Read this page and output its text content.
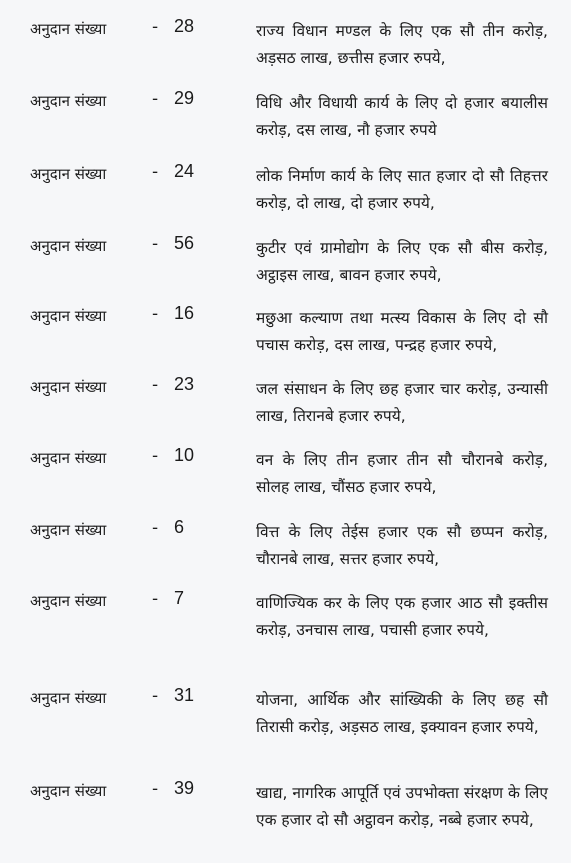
अनुदान संख्या	- 28	राज्य विधान मण्डल के लिए एक सौ तीन करोड़, अड़सठ लाख, छत्तीस हजार रुपये,
अनुदान संख्या	- 29	विधि और विधायी कार्य के लिए दो हजार बयालीस करोड़, दस लाख, नौ हजार रुपये
अनुदान संख्या	- 24	लोक निर्माण कार्य के लिए सात हजार दो सौ तिहत्तर करोड़, दो लाख, दो हजार रुपये,
अनुदान संख्या	- 56	कुटीर एवं ग्रामोद्योग के लिए एक सौ बीस करोड़, अट्ठाइस लाख, बावन हजार रुपये,
अनुदान संख्या	- 16	मछुआ कल्याण तथा मत्स्य विकास के लिए दो सौ पचास करोड़, दस लाख, पन्द्रह हजार रुपये,
अनुदान संख्या	- 23	जल संसाधन के लिए छह हजार चार करोड़, उन्यासी लाख, तिरानबे हजार रुपये,
अनुदान संख्या	- 10	वन के लिए तीन हजार तीन सौ चौरानबे करोड़, सोलह लाख, चौंसठ हजार रुपये,
अनुदान संख्या	- 6	वित्त के लिए तेईस हजार एक सौ छप्पन करोड़, चौरानबे लाख, सत्तर हजार रुपये,
अनुदान संख्या	- 7	वाणिज्यिक कर के लिए एक हजार आठ सौ इक्तीस करोड़, उनचास लाख, पचासी हजार रुपये,
अनुदान संख्या	- 31	योजना, आर्थिक और सांख्यिकी के लिए छह सौ तिरासी करोड़, अड़सठ लाख, इक्यावन हजार रुपये,
अनुदान संख्या	- 39	खाद्य, नागरिक आपूर्ति एवं उपभोक्ता संरक्षण के लिए एक हजार दो सौ अट्ठावन करोड़, नब्बे हजार रुपये,
